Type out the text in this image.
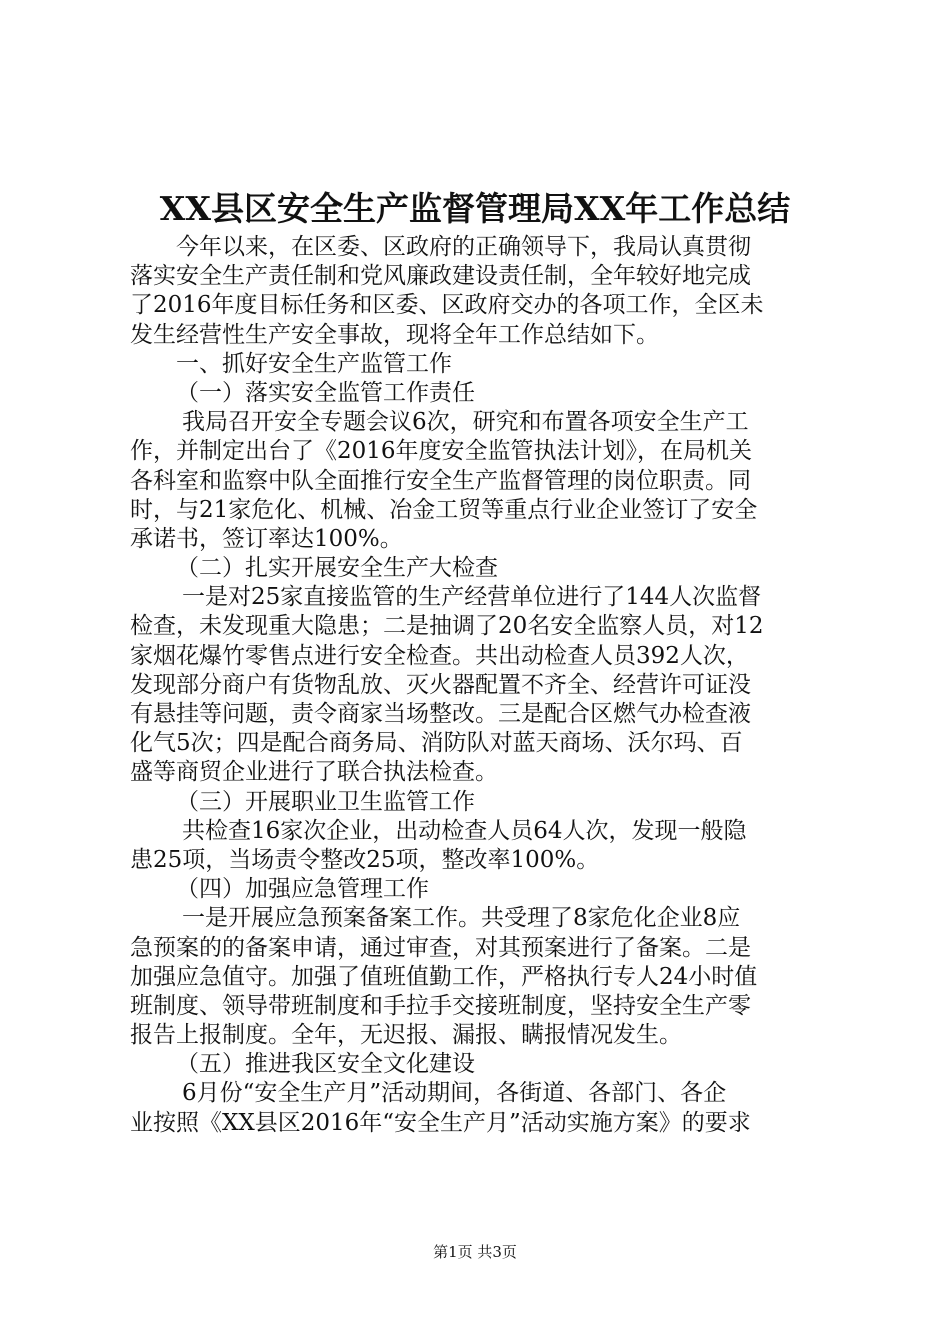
XX县区安全生产监督管理局XX年工作总结
今年以来，在区委、区政府的正确领导下，我局认真贯彻
落实安全生产责任制和党风廉政建设责任制，全年较好地完成
了2016年度目标任务和区委、区政府交办的各项工作，全区未
发生经营性生产安全事故，现将全年工作总结如下。
一、抓好安全生产监管工作
（一）落实安全监管工作责任
我局召开安全专题会议6次，研究和布置各项安全生产工
作，并制定出台了《2016年度安全监管执法计划》，在局机关
各科室和监察中队全面推行安全生产监督管理的岗位职责。同
时，与21家危化、机械、冶金工贸等重点行业企业签订了安全
承诺书，签订率达100%。
（二）扎实开展安全生产大检查
一是对25家直接监管的生产经营单位进行了144人次监督
检查，未发现重大隐患；二是抽调了20名安全监察人员，对12
家烟花爆竹零售点进行安全检查。共出动检查人员392人次，
发现部分商户有货物乱放、灭火器配置不齐全、经营许可证没
有悬挂等问题，责令商家当场整改。三是配合区燃气办检查液
化气5次；四是配合商务局、消防队对蓝天商场、沃尔玛、百
盛等商贸企业进行了联合执法检查。
（三）开展职业卫生监管工作
共检查16家次企业，出动检查人员64人次，发现一般隐
患25项，当场责令整改25项，整改率100%。
（四）加强应急管理工作
一是开展应急预案备案工作。共受理了8家危化企业8应
急预案的的备案申请，通过审查，对其预案进行了备案。二是
加强应急值守。加强了值班值勤工作，严格执行专人24小时值
班制度、领导带班制度和手拉手交接班制度，坚持安全生产零
报告上报制度。全年，无迟报、漏报、瞒报情况发生。
（五）推进我区安全文化建设
6月份“安全生产月”活动期间，各街道、各部门、各企
业按照《XX县区2016年“安全生产月”活动实施方案》的要求
第1页 共3页
